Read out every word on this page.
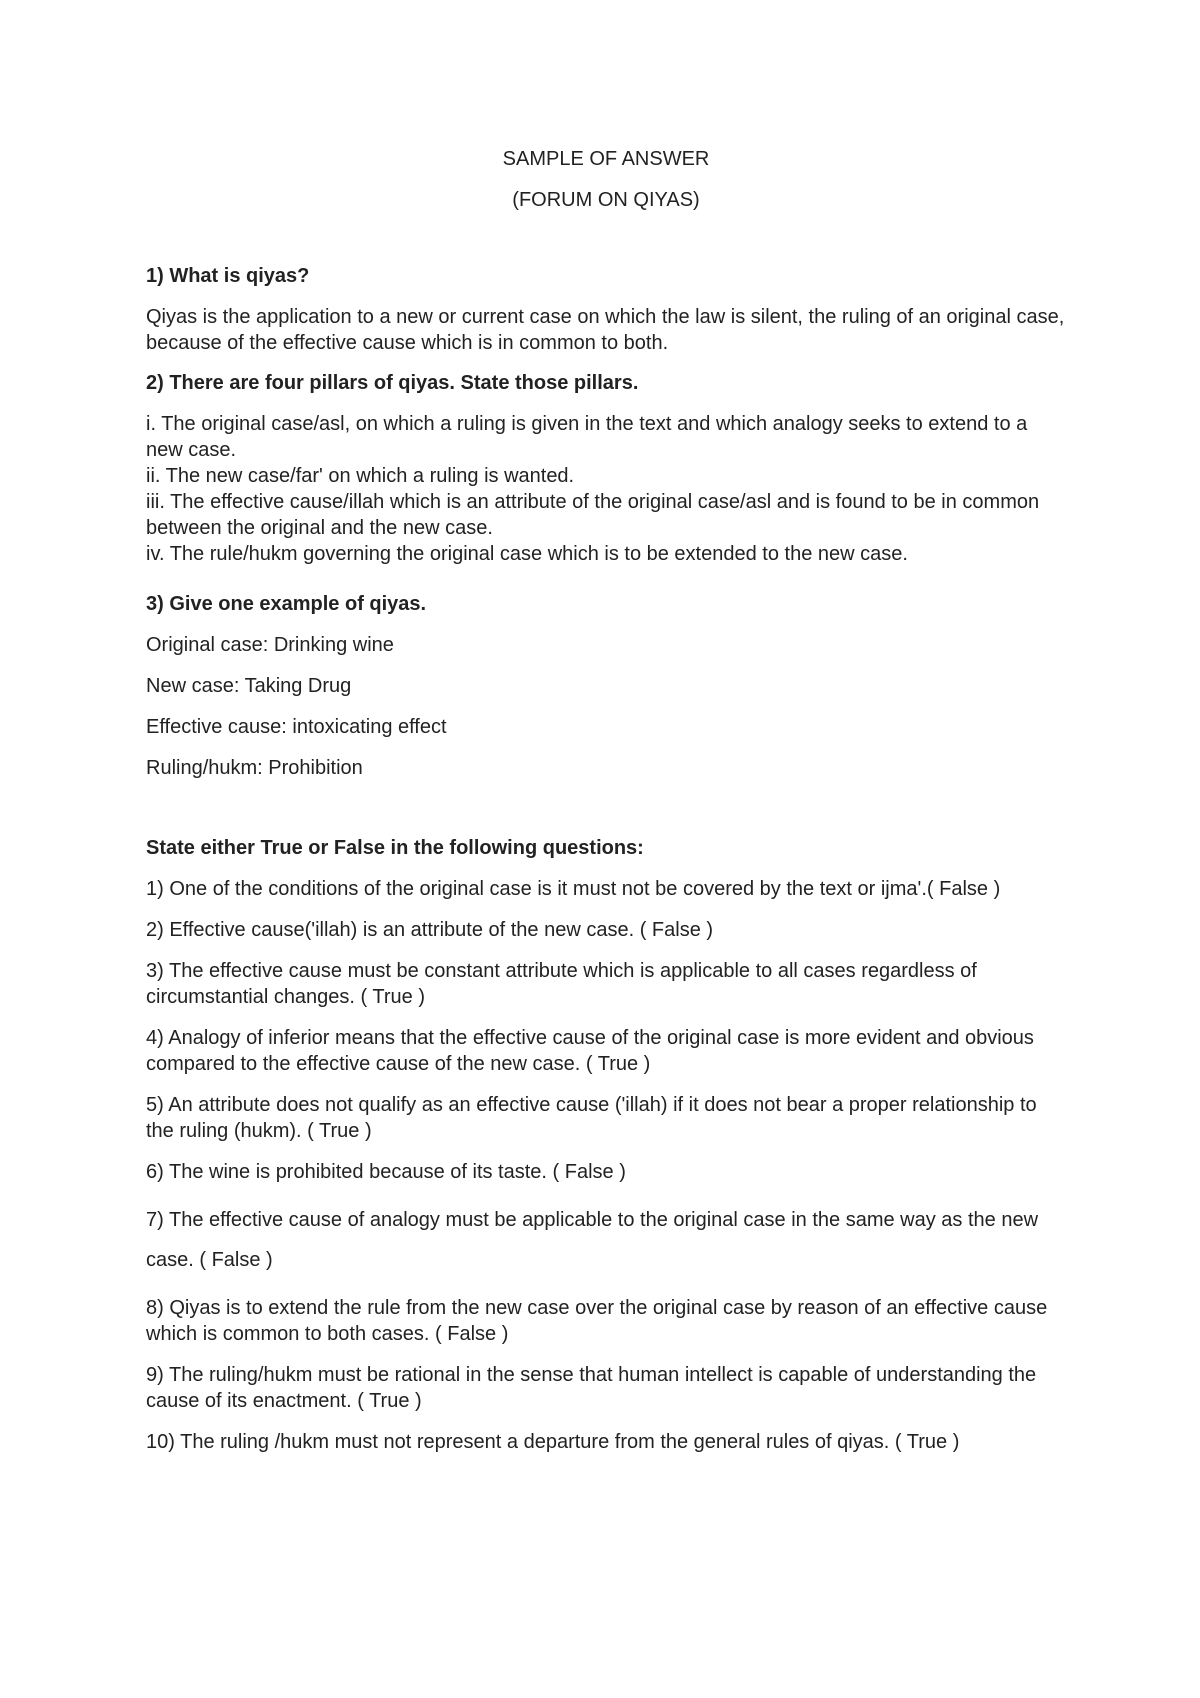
SAMPLE OF ANSWER

(FORUM ON QIYAS)

1) What is qiyas?

Qiyas is the application to a new or current case on which the law is silent, the ruling of an original case, because of the effective cause which is in common to both.

2) There are four pillars of qiyas. State those pillars.

i. The original case/asl, on which a ruling is given in the text and which analogy seeks to extend to a new case.
ii. The new case/far' on which a ruling is wanted.
iii. The effective cause/illah which is an attribute of the original case/asl and is found to be in common between the original and the new case.
iv. The rule/hukm governing the original case which is to be extended to the new case.

3) Give one example of qiyas.

Original case: Drinking wine

New case: Taking Drug

Effective cause: intoxicating effect

Ruling/hukm: Prohibition

State either True or False in the following questions:

1) One of the conditions of the original case is it must not be covered by the text or ijma'.( False )

2) Effective cause('illah) is an attribute of the new case. ( False )

3) The effective cause must be constant attribute which is applicable to all cases regardless of circumstantial changes. ( True )

4) Analogy of inferior means that the effective cause of the original case is more evident and obvious compared to the effective cause of the new case. ( True )

5) An attribute does not qualify as an effective cause ('illah) if it does not bear a proper relationship to the ruling (hukm). ( True )

6) The wine is prohibited because of its taste. ( False )

7) The effective cause of analogy must be applicable to the original case in the same way as the new case. ( False )

8) Qiyas is to extend the rule from the new case over the original case by reason of an effective cause which is common to both cases. ( False )

9) The ruling/hukm must be rational in the sense that human intellect is capable of understanding the cause of its enactment. ( True )

10) The ruling /hukm must not represent a departure from the general rules of qiyas. ( True )
